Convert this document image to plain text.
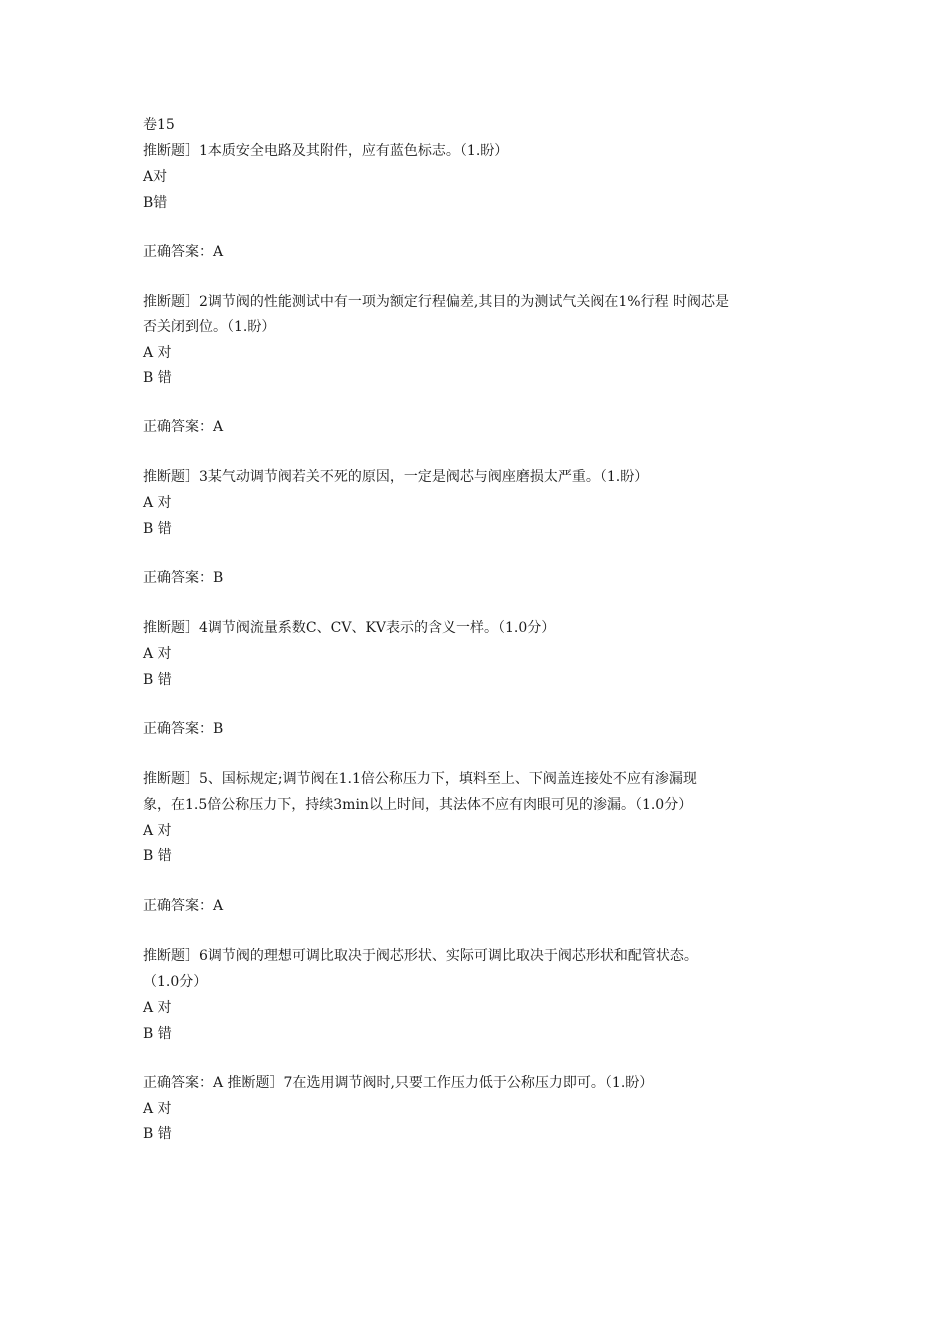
卷15
推断题］1本质安全电路及其附件，应有蓝色标志。（1.盼）
A对
B错
正确答案：A
推断题］2调节阀的性能测试中有一项为额定行程偏差,其目的为测试气关阀在1%行程 时阀芯是
否关闭到位。（1.盼）
A 对
B 错
正确答案：A
推断题］3某气动调节阀若关不死的原因，一定是阀芯与阀座磨损太严重。（1.盼）
A 对
B 错
正确答案：B
推断题］4调节阀流量系数C、CV、KV表示的含义一样。（1.0分）
A 对
B 错
正确答案：B
推断题］5、国标规定;调节阀在1.1倍公称压力下，填料至上、下阀盖连接处不应有渗漏现
象，在1.5倍公称压力下，持续3min以上时间，其法体不应有肉眼可见的渗漏。（1.0分）
A 对
B 错
正确答案：A
推断题］6调节阀的理想可调比取决于阀芯形状、实际可调比取决于阀芯形状和配管状态。
（1.0分）
A 对
B 错
正确答案：A 推断题］7在选用调节阀时,只要工作压力低于公称压力即可。（1.盼）
A 对
B 错
